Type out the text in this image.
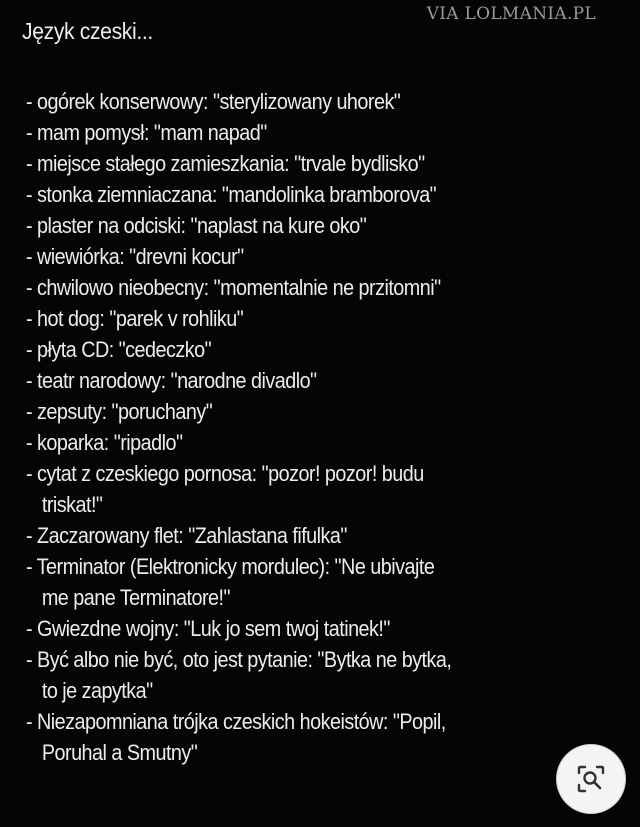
VIA LOLMANIA.PL
Język czeski...
- ogórek konserwowy: "sterylizowany uhorek"
- mam pomysł: "mam napad"
- miejsce stałego zamieszkania: "trvale bydlisko"
- stonka ziemniaczana: "mandolinka bramborova"
- plaster na odciski: "naplast na kure oko"
- wiewiórka: "drevni kocur"
- chwilowo nieobecny: "momentalnie ne przitomni"
- hot dog: "parek v rohliku"
- płyta CD: "cedeczko"
- teatr narodowy: "narodne divadlo"
- zepsuty: "poruchany"
- koparka: "ripadlo"
- cytat z czeskiego pornosa: "pozor! pozor! budu
triskat!"
- Zaczarowany flet: "Zahlastana fifulka"
- Terminator (Elektronicky mordulec): "Ne ubivajte
me pane Terminatore!"
- Gwiezdne wojny: "Luk jo sem twoj tatinek!"
- Być albo nie być, oto jest pytanie: "Bytka ne bytka,
to je zapytka"
- Niezapomniana trójka czeskich hokeistów: "Popil,
Poruhal a Smutny"
